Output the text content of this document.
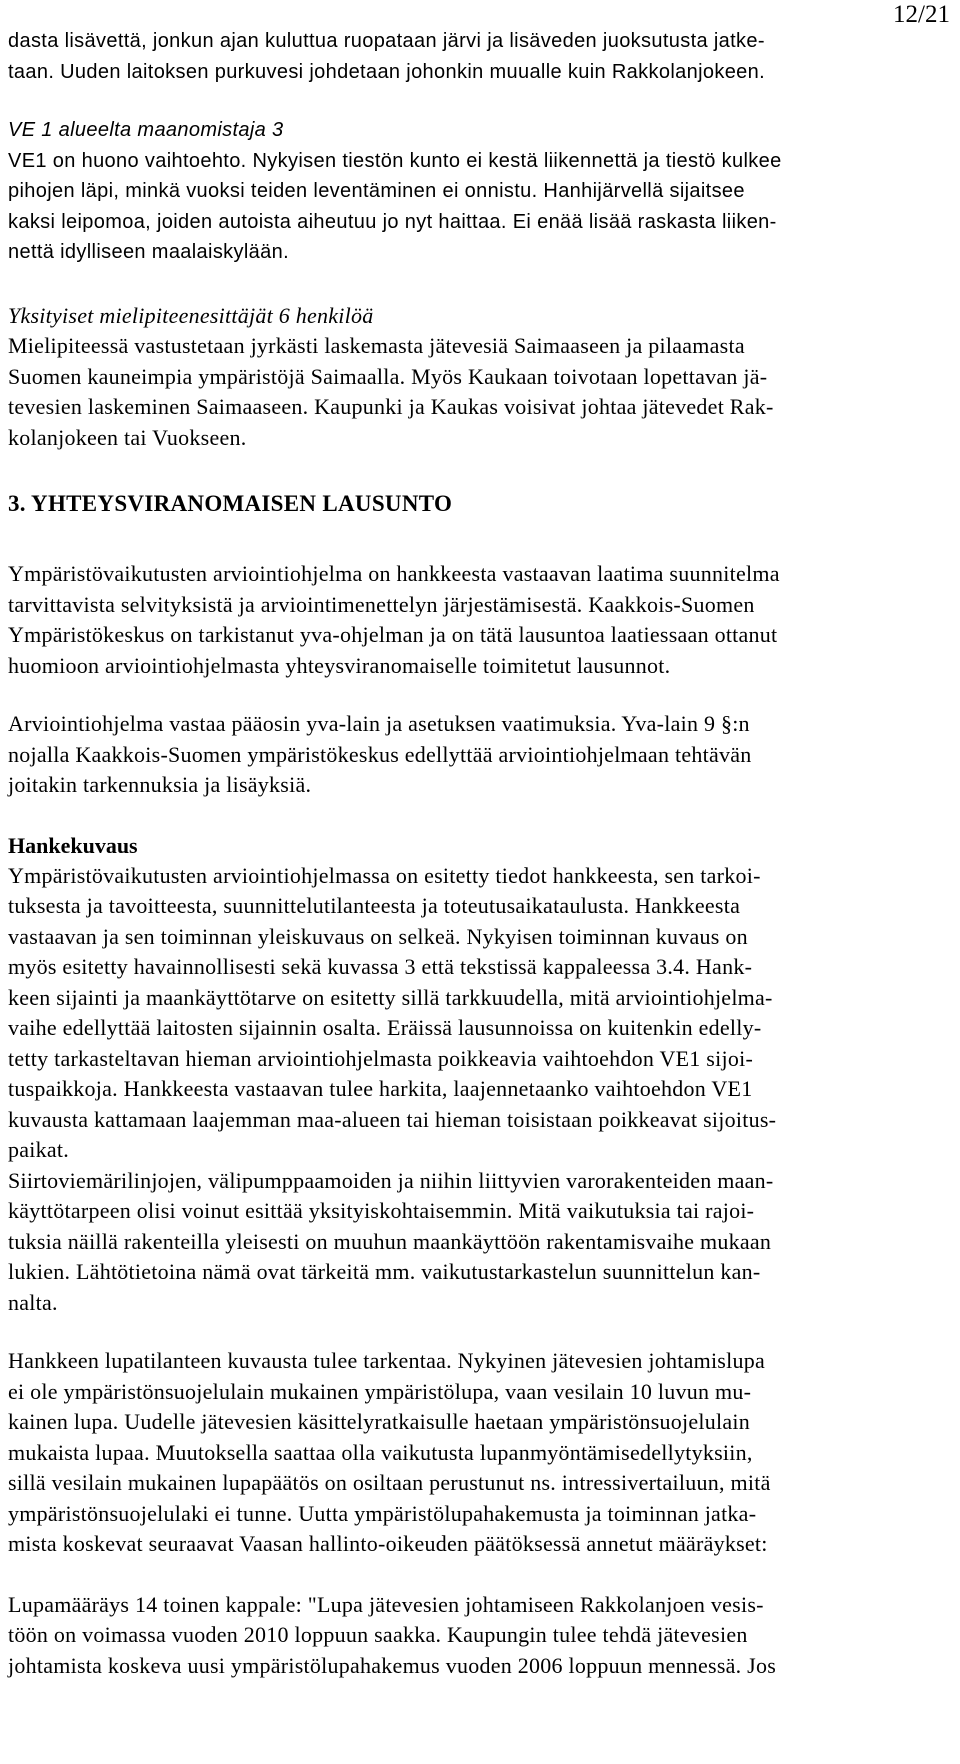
12/21
dasta lisävettä, jonkun ajan kuluttua ruopataan järvi ja lisäveden juoksutusta jatke-
taan. Uuden laitoksen purkuvesi johdetaan johonkin muualle kuin Rakkolanjokeen.
VE 1 alueelta maanomistaja 3
VE1 on huono vaihtoehto. Nykyisen tiestön kunto ei kestä liikennettä ja tiestö kulkee
pihojen läpi, minkä vuoksi teiden leventäminen ei onnistu. Hanhijärvellä sijaitsee
kaksi leipomoa, joiden autoista aiheutuu jo nyt haittaa. Ei enää lisää raskasta liiken-
nettä idylliseen maalaiskylään.
Yksityiset mielipiteenesittäjät 6 henkilöä
Mielipiteessä vastustetaan jyrkästi laskemasta jätevesiä Saimaaseen ja pilaamasta
Suomen kauneimpia ympäristöjä Saimaalla. Myös Kaukaan toivotaan lopettavan jä-
tevesien laskeminen Saimaaseen. Kaupunki ja Kaukas voisivat johtaa jätevedet Rak-
kolanjokeen tai Vuokseen.
3. YHTEYSVIRANOMAISEN LAUSUNTO
Ympäristövaikutusten arviointiohjelma on hankkeesta vastaavan laatima suunnitelma
tarvittavista selvityksistä ja arviointimenettelyn järjestämisestä. Kaakkois-Suomen
Ympäristökeskus on tarkistanut yva-ohjelman ja on tätä lausuntoa laatiessaan ottanut
huomioon arviointiohjelmasta yhteysviranomaiselle toimitetut lausunnot.
Arviointiohjelma vastaa pääosin yva-lain ja asetuksen vaatimuksia. Yva-lain 9 §:n
nojalla Kaakkois-Suomen ympäristökeskus edellyttää arviointiohjelmaan tehtävän
joitakin tarkennuksia ja lisäyksiä.
Hankekuvaus
Ympäristövaikutusten arviointiohjelmassa on esitetty tiedot hankkeesta, sen tarkoi-
tuksesta ja tavoitteesta, suunnittelutilanteesta ja toteutusaikataulusta. Hankkeesta
vastaavan ja sen toiminnan yleiskuvaus on selkeä. Nykyisen toiminnan kuvaus on
myös esitetty havainnollisesti sekä kuvassa 3 että tekstissä kappaleessa 3.4. Hank-
keen sijainti ja maankäyttötarve on esitetty sillä tarkkuudella, mitä arviointiohjelma-
vaihe edellyttää laitosten sijainnin osalta. Eräissä lausunnoissa on kuitenkin edelly-
tetty tarkasteltavan hieman arviointiohjelmasta poikkeavia vaihtoehdon VE1 sijoi-
tuspaikkoja. Hankkeesta vastaavan tulee harkita, laajennetaanko vaihtoehdon VE1
kuvausta kattamaan laajemman maa-alueen tai hieman toisistaan poikkeavat sijoitus-
paikat.
Siirtoviemärilinjojen, välipumppaamoiden ja niihin liittyvien varorakenteiden maan-
käyttötarpeen olisi voinut esittää yksityiskohtaisemmin. Mitä vaikutuksia tai rajoi-
tuksia näillä rakenteilla yleisesti on muuhun maankäyttöön rakentamisvaihe mukaan
lukien. Lähtötietoina nämä ovat tärkeitä mm. vaikutustarkastelun suunnittelun kan-
nalta.
Hankkeen lupatilanteen kuvausta tulee tarkentaa. Nykyinen jätevesien johtamislupa
ei ole ympäristönsuojelulain mukainen ympäristölupa, vaan vesilain 10 luvun mu-
kainen lupa. Uudelle jätevesien käsittelyratkaisulle haetaan ympäristönsuojelulain
mukaista lupaa. Muutoksella saattaa olla vaikutusta lupanmyöntämisedellytyksiin,
sillä vesilain mukainen lupapäätös on osiltaan perustunut ns. intressivertailuun, mitä
ympäristönsuojelulaki ei tunne. Uutta ympäristölupahakemusta ja toiminnan jatka-
mista koskevat seuraavat Vaasan hallinto-oikeuden päätöksessä annetut määräykset:
Lupamääräys 14 toinen kappale: "Lupa jätevesien johtamiseen Rakkolanjoen vesis-
töön on voimassa vuoden 2010 loppuun saakka. Kaupungin tulee tehdä jätevesien
johtamista koskeva uusi ympäristölupahakemus vuoden 2006 loppuun mennessä. Jos
